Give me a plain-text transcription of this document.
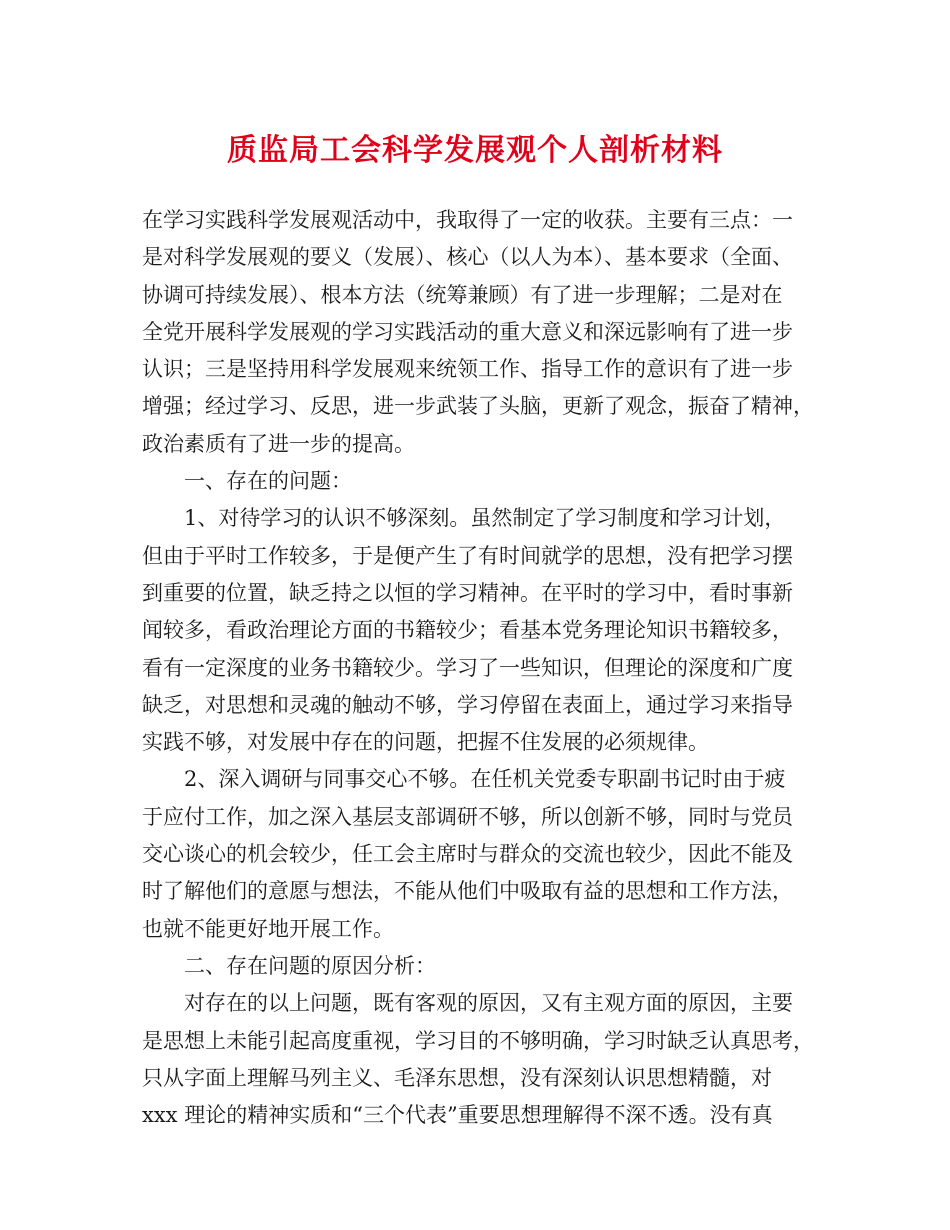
质监局工会科学发展观个人剖析材料
在学习实践科学发展观活动中，我取得了一定的收获。主要有三点：一
是对科学发展观的要义（发展）、核心（以人为本）、基本要求（全面、
协调可持续发展）、根本方法（统筹兼顾）有了进一步理解；二是对在
全党开展科学发展观的学习实践活动的重大意义和深远影响有了进一步
认识；三是坚持用科学发展观来统领工作、指导工作的意识有了进一步
增强；经过学习、反思，进一步武装了头脑，更新了观念，振奋了精神，
政治素质有了进一步的提高。
一、存在的问题：
1、对待学习的认识不够深刻。虽然制定了学习制度和学习计划，
但由于平时工作较多，于是便产生了有时间就学的思想，没有把学习摆
到重要的位置，缺乏持之以恒的学习精神。在平时的学习中，看时事新
闻较多，看政治理论方面的书籍较少；看基本党务理论知识书籍较多，
看有一定深度的业务书籍较少。学习了一些知识，但理论的深度和广度
缺乏，对思想和灵魂的触动不够，学习停留在表面上，通过学习来指导
实践不够，对发展中存在的问题，把握不住发展的必须规律。
2、深入调研与同事交心不够。在任机关党委专职副书记时由于疲
于应付工作，加之深入基层支部调研不够，所以创新不够，同时与党员
交心谈心的机会较少，任工会主席时与群众的交流也较少，因此不能及
时了解他们的意愿与想法，不能从他们中吸取有益的思想和工作方法，
也就不能更好地开展工作。
二、存在问题的原因分析：
对存在的以上问题，既有客观的原因，又有主观方面的原因，主要
是思想上未能引起高度重视，学习目的不够明确，学习时缺乏认真思考，
只从字面上理解马列主义、毛泽东思想，没有深刻认识思想精髓，对
xxx 理论的精神实质和“三个代表”重要思想理解得不深不透。没有真
